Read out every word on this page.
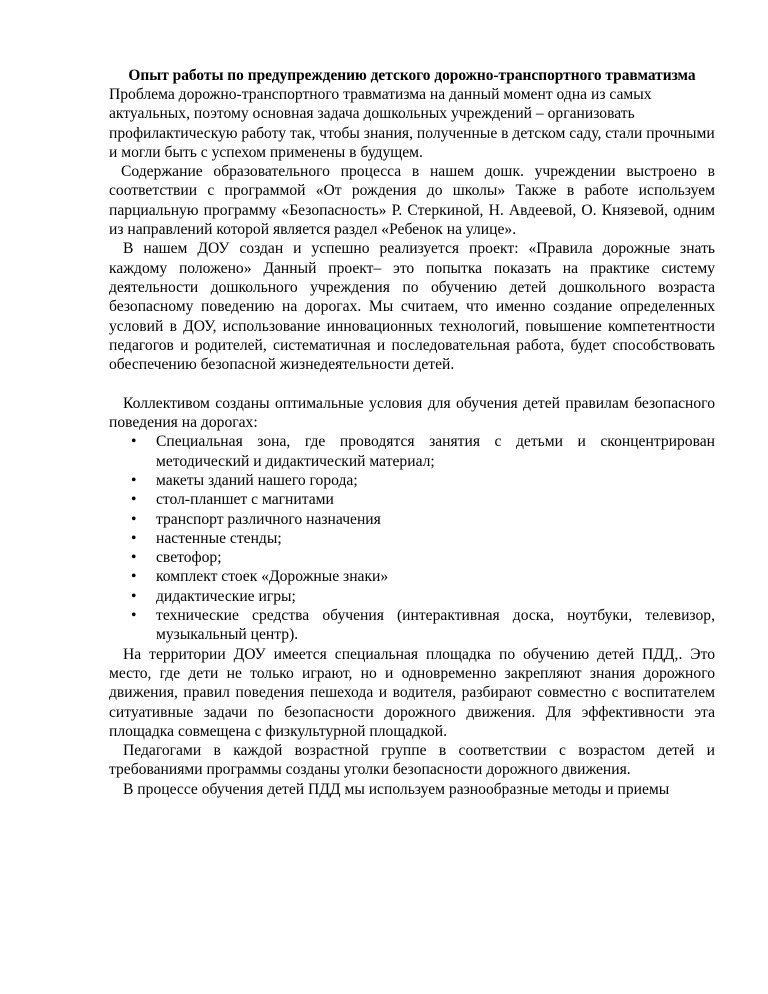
Опыт работы по предупреждению детского дорожно-транспортного травматизма

Проблема дорожно-транспортного травматизма на данный момент одна из самых актуальных, поэтому основная задача дошкольных учреждений – организовать профилактическую работу так, чтобы знания, полученные в детском саду, стали прочными и могли быть с успехом применены в будущем.

Содержание образовательного процесса в нашем дошк. учреждении выстроено в соответствии с программой «От рождения до школы» Также в работе используем парциальную программу «Безопасность» Р. Стеркиной, Н. Авдеевой, О. Князевой, одним из направлений которой является раздел «Ребенок на улице».

В нашем ДОУ создан и успешно реализуется проект: «Правила дорожные знать каждому положено» Данный проект– это попытка показать на практике систему деятельности дошкольного учреждения по обучению детей дошкольного возраста безопасному поведению на дорогах. Мы считаем, что именно создание определенных условий в ДОУ, использование инновационных технологий, повышение компетентности педагогов и родителей, систематичная и последовательная работа, будет способствовать обеспечению безопасной жизнедеятельности детей.

Коллективом созданы оптимальные условия для обучения детей правилам безопасного поведения на дорогах:

• Специальная зона, где проводятся занятия с детьми и сконцентрирован методический и дидактический материал;
• макеты зданий нашего города;
• стол-планшет с магнитами
• транспорт различного назначения
• настенные стенды;
• светофор;
• комплект стоек «Дорожные знаки»
• дидактические игры;
• технические средства обучения (интерактивная доска, ноутбуки, телевизор, музыкальный центр).

На территории ДОУ имеется специальная площадка по обучению детей ПДД,. Это место, где дети не только играют, но и одновременно закрепляют знания дорожного движения, правил поведения пешехода и водителя, разбирают совместно с воспитателем ситуативные задачи по безопасности дорожного движения. Для эффективности эта площадка совмещена с физкультурной площадкой.

Педагогами в каждой возрастной группе в соответствии с возрастом детей и требованиями программы созданы уголки безопасности дорожного движения.

В процессе обучения детей ПДД мы используем разнообразные методы и приемы
